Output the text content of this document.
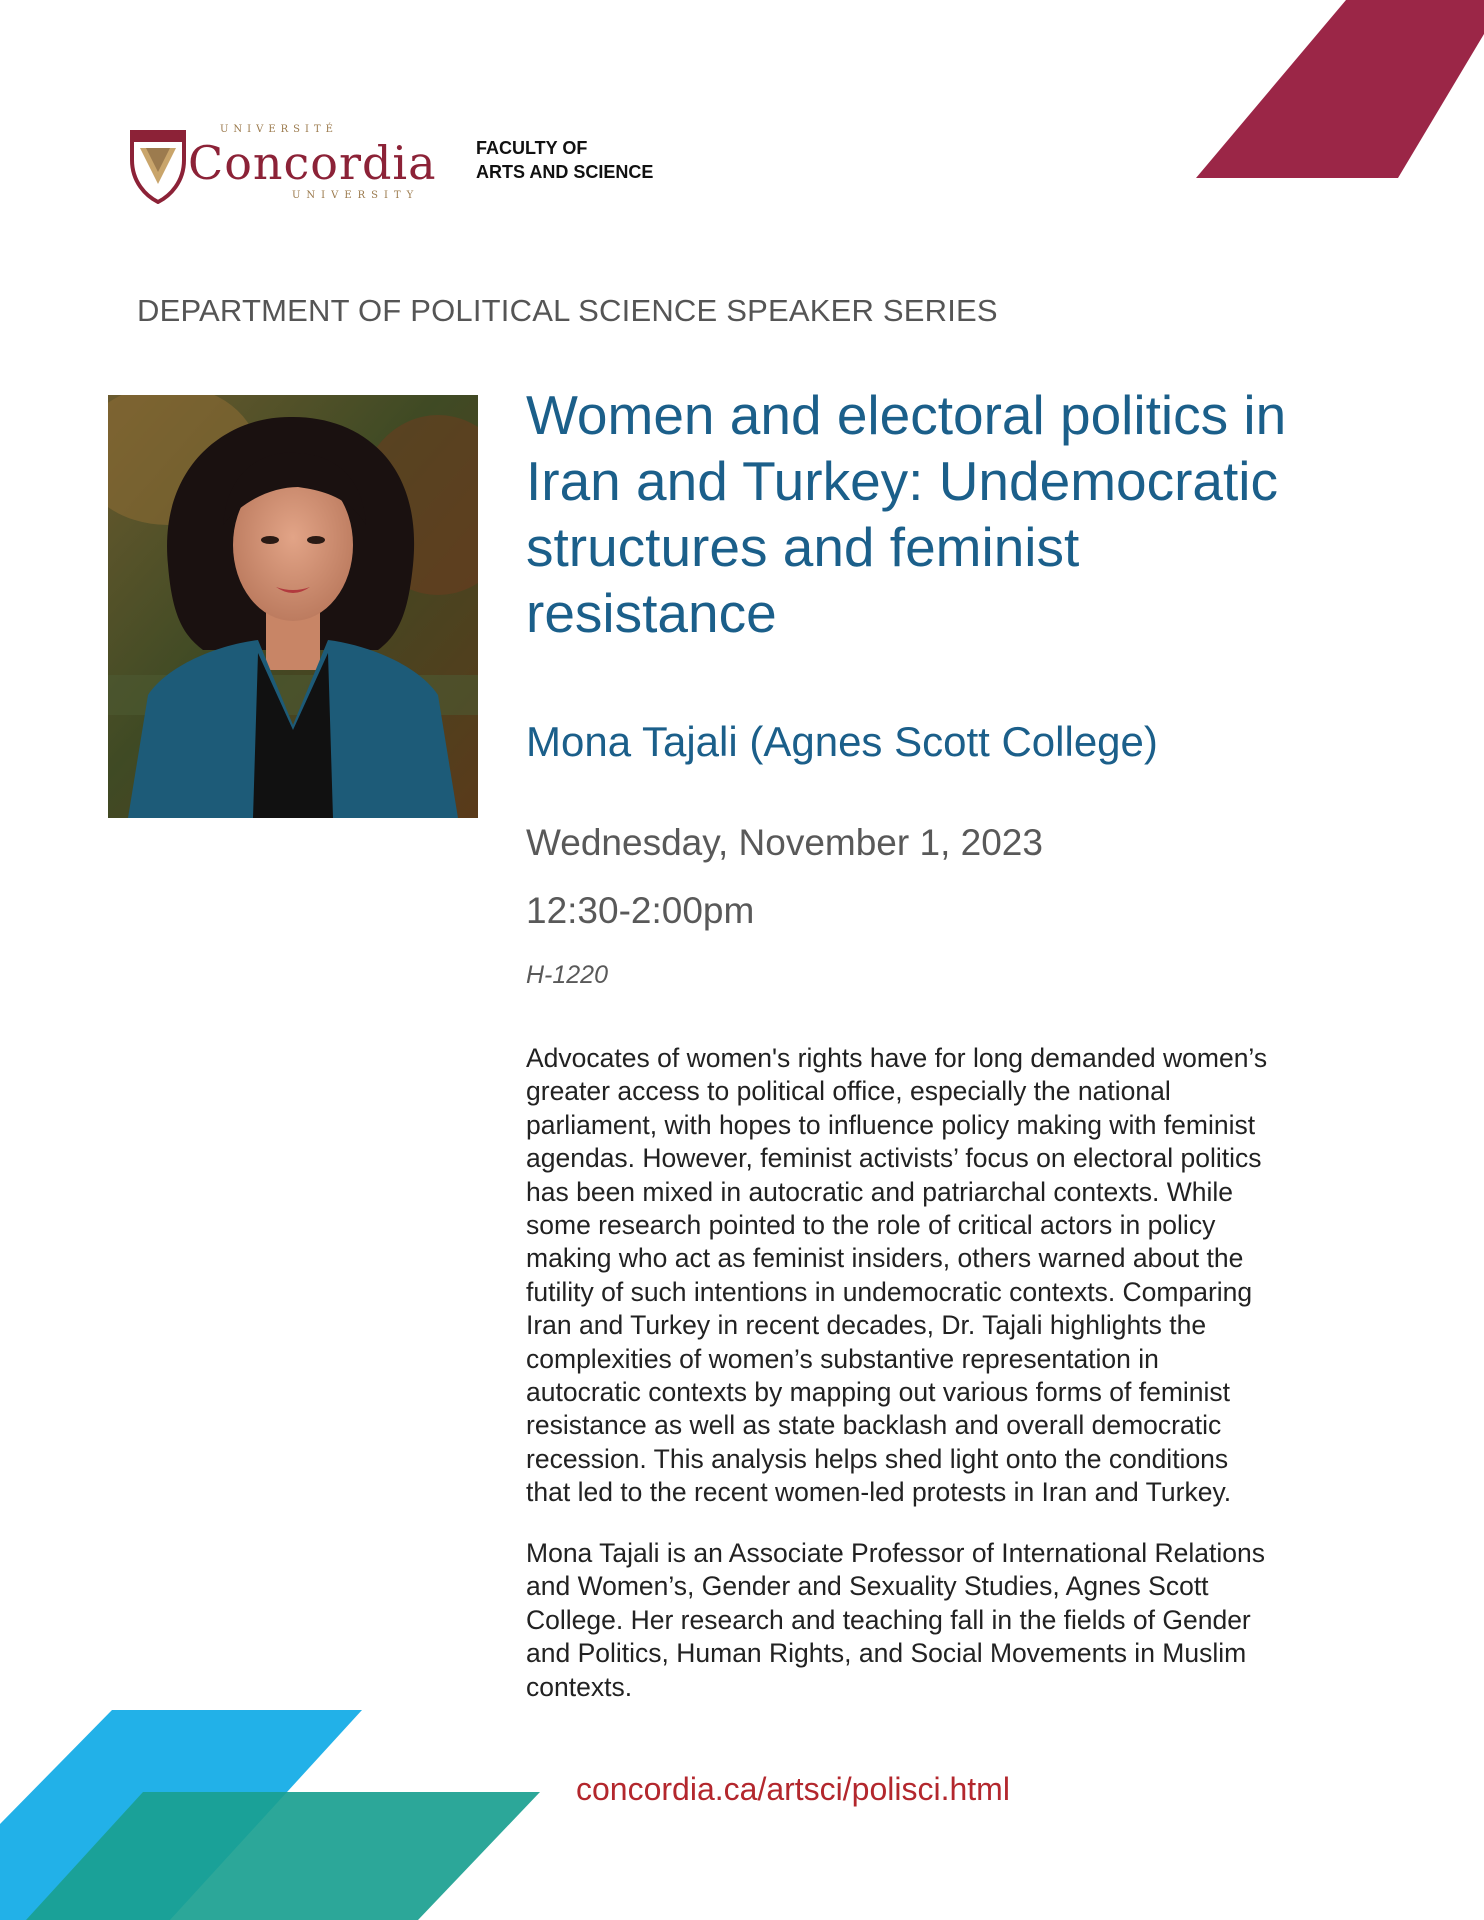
UNIVERSITÉ
Concordia
UNIVERSITY
FACULTY OF
ARTS AND SCIENCE
DEPARTMENT OF POLITICAL SCIENCE SPEAKER SERIES
Women and electoral politics in
Iran and Turkey: Undemocratic
structures and feminist
resistance
Mona Tajali (Agnes Scott College)
Wednesday, November 1, 2023
12:30-2:00pm
H-1220
Advocates of women's rights have for long demanded women’s
greater access to political office, especially the national
parliament, with hopes to influence policy making with feminist
agendas. However, feminist activists’ focus on electoral politics
has been mixed in autocratic and patriarchal contexts. While
some research pointed to the role of critical actors in policy
making who act as feminist insiders, others warned about the
futility of such intentions in undemocratic contexts. Comparing
Iran and Turkey in recent decades, Dr. Tajali highlights the
complexities of women’s substantive representation in
autocratic contexts by mapping out various forms of feminist
resistance as well as state backlash and overall democratic
recession. This analysis helps shed light onto the conditions
that led to the recent women-led protests in Iran and Turkey.
Mona Tajali is an Associate Professor of International Relations
and Women’s, Gender and Sexuality Studies, Agnes Scott
College. Her research and teaching fall in the fields of Gender
and Politics, Human Rights, and Social Movements in Muslim
contexts.
concordia.ca/artsci/polisci.html
